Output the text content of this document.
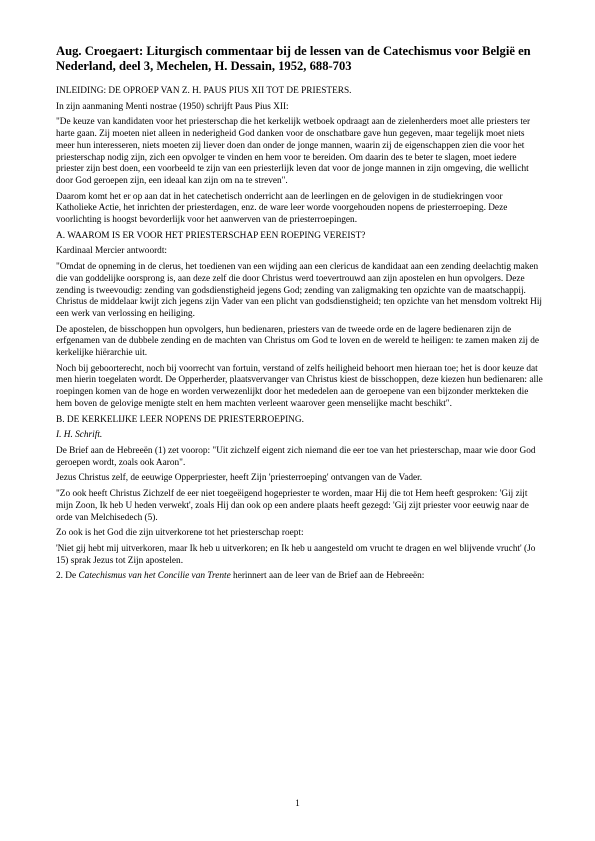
Aug. Croegaert: Liturgisch commentaar bij de lessen van de Catechismus voor België en Nederland, deel 3, Mechelen, H. Dessain, 1952, 688-703

INLEIDING: DE OPROEP VAN Z. H. PAUS PIUS XII TOT DE PRIESTERS.

In zijn aanmaning Menti nostrae (1950) schrijft Paus Pius XII:

"De keuze van kandidaten voor het priesterschap die het kerkelijk wetboek opdraagt aan de zielenherders moet alle priesters ter harte gaan. Zij moeten niet alleen in nederigheid God danken voor de onschatbare gave hun gegeven, maar tegelijk moet niets meer hun interesseren, niets moeten zij liever doen dan onder de jonge mannen, waarin zij de eigenschappen zien die voor het priesterschap nodig zijn, zich een opvolger te vinden en hem voor te bereiden. Om daarin des te beter te slagen, moet iedere priester zijn best doen, een voorbeeld te zijn van een priesterlijk leven dat voor de jonge mannen in zijn omgeving, die wellicht door God geroepen zijn, een ideaal kan zijn om na te streven".

Daarom komt het er op aan dat in het catechetisch onderricht aan de leerlingen en de gelovigen in de studiekringen voor Katholieke Actie, het inrichten der priesterdagen, enz. de ware leer worde voorgehouden nopens de priesterroeping. Deze voorlichting is hoogst bevorderlijk voor het aanwerven van de priesterroepingen.

A. WAAROM IS ER VOOR HET PRIESTERSCHAP EEN ROEPING VEREIST?

Kardinaal Mercier antwoordt:

"Omdat de opneming in de clerus, het toedienen van een wijding aan een clericus de kandidaat aan een zending deelachtig maken die van goddelijke oorsprong is, aan deze zelf die door Christus werd toevertrouwd aan zijn apostelen en hun opvolgers. Deze zending is tweevoudig: zending van godsdienstigheid jegens God; zending van zaligmaking ten opzichte van de maatschappij. Christus de middelaar kwijt zich jegens zijn Vader van een plicht van godsdienstigheid; ten opzichte van het mensdom voltrekt Hij een werk van verlossing en heiliging.

De apostelen, de bisschoppen hun opvolgers, hun bedienaren, priesters van de tweede orde en de lagere bedienaren zijn de erfgenamen van de dubbele zending en de machten van Christus om God te loven en de wereld te heiligen: te zamen maken zij de kerkelijke hiërarchie uit.

Noch bij geboorterecht, noch bij voorrecht van fortuin, verstand of zelfs heiligheid behoort men hieraan toe; het is door keuze dat men hierin toegelaten wordt. De Opperherder, plaatsvervanger van Christus kiest de bisschoppen, deze kiezen hun bedienaren: alle roepingen komen van de hoge en worden verwezenlijkt door het mededelen aan de geroepene van een bijzonder merkteken die hem boven de gelovige menigte stelt en hem machten verleent waarover geen menselijke macht beschikt".

B. DE KERKELIJKE LEER NOPENS DE PRIESTERROEPING.

I. H. Schrift.

De Brief aan de Hebreeën (1) zet voorop: "Uit zichzelf eigent zich niemand die eer toe van het priesterschap, maar wie door God geroepen wordt, zoals ook Aaron".

Jezus Christus zelf, de eeuwige Opperpriester, heeft Zijn 'priesterroeping' ontvangen van de Vader.

"Zo ook heeft Christus Zichzelf de eer niet toegeëigend hogepriester te worden, maar Hij die tot Hem heeft gesproken: 'Gij zijt mijn Zoon, Ik heb U heden verwekt', zoals Hij dan ook op een andere plaats heeft gezegd: 'Gij zijt priester voor eeuwig naar de orde van Melchisedech (5).

Zo ook is het God die zijn uitverkorene tot het priesterschap roept:

'Niet gij hebt mij uitverkoren, maar Ik heb u uitverkoren; en Ik heb u aangesteld om vrucht te dragen en wel blijvende vrucht' (Jo 15) sprak Jezus tot Zijn apostelen.

2. De Catechismus van het Concilie van Trente herinnert aan de leer van de Brief aan de Hebreeën:

1
